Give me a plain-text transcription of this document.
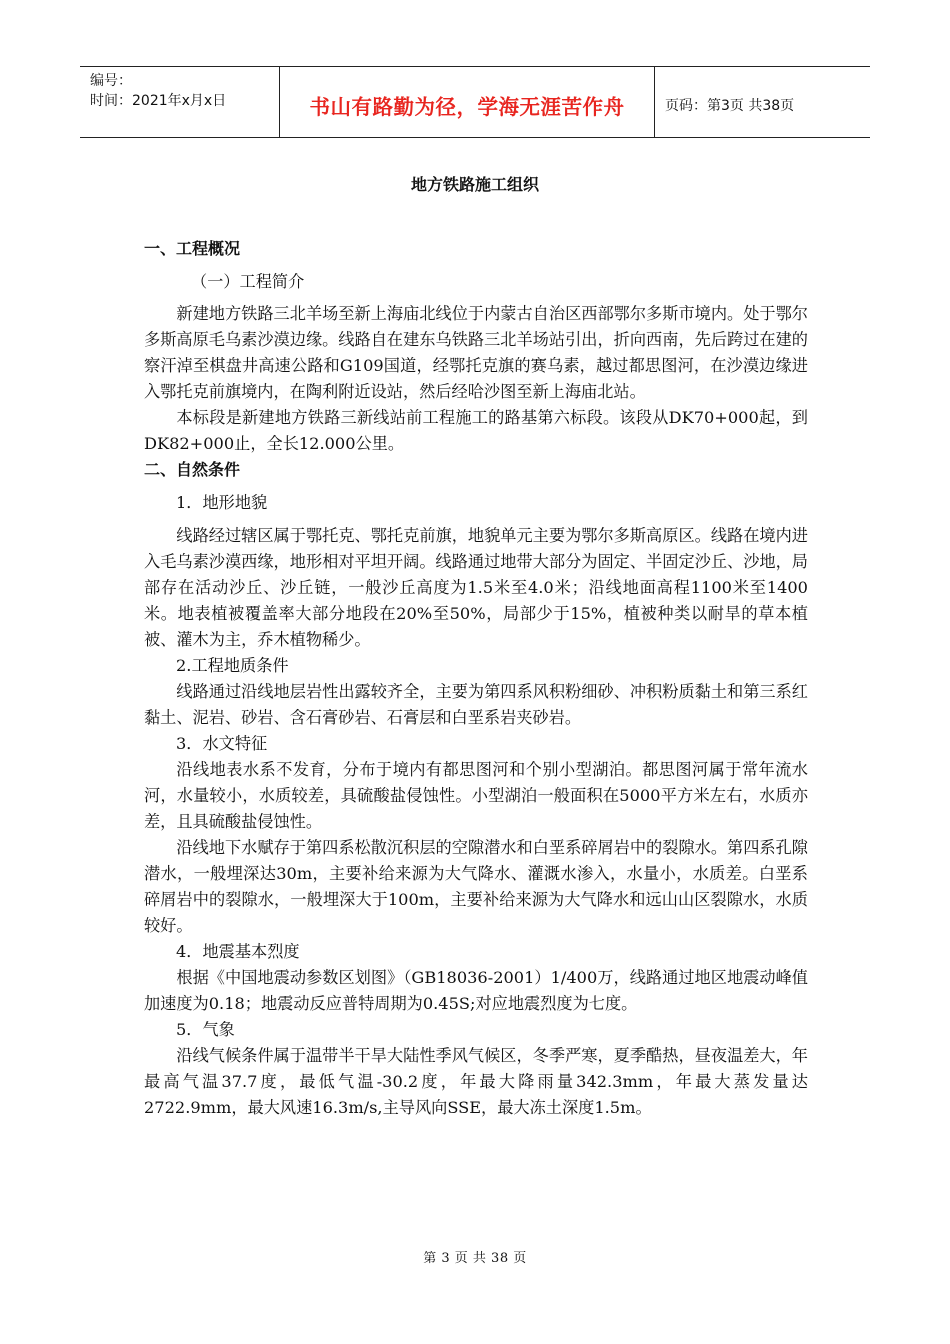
编号：
时间：2021年x月x日	书山有路勤为径，学海无涯苦作舟	页码：第3页 共38页
地方铁路施工组织
一、工程概况
（一）工程简介

新建地方铁路三北羊场至新上海庙北线位于内蒙古自治区西部鄂尔多斯市境内。处于鄂尔多斯高原毛乌素沙漠边缘。线路自在建东乌铁路三北羊场站引出，折向西南，先后跨过在建的察汗淖至棋盘井高速公路和G109国道，经鄂托克旗的赛乌素，越过都思图河，在沙漠边缘进入鄂托克前旗境内，在陶利附近设站，然后经哈沙图至新上海庙北站。

本标段是新建地方铁路三新线站前工程施工的路基第六标段。该段从DK70+000起，到DK82+000止，全长12.000公里。

二、自然条件
1．地形地貌

线路经过辖区属于鄂托克、鄂托克前旗，地貌单元主要为鄂尔多斯高原区。线路在境内进入毛乌素沙漠西缘，地形相对平坦开阔。线路通过地带大部分为固定、半固定沙丘、沙地，局部存在活动沙丘、沙丘链，一般沙丘高度为1.5米至4.0米；沿线地面高程1100米至1400米。地表植被覆盖率大部分地段在20%至50%，局部少于15%，植被种类以耐旱的草本植被、灌木为主，乔木植物稀少。

2.工程地质条件

线路通过沿线地层岩性出露较齐全，主要为第四系风积粉细砂、冲积粉质黏土和第三系红黏土、泥岩、砂岩、含石膏砂岩、石膏层和白垩系岩夹砂岩。

3．水文特征

沿线地表水系不发育，分布于境内有都思图河和个别小型湖泊。都思图河属于常年流水河，水量较小，水质较差，具硫酸盐侵蚀性。小型湖泊一般面积在5000平方米左右，水质亦差，且具硫酸盐侵蚀性。

沿线地下水赋存于第四系松散沉积层的空隙潜水和白垩系碎屑岩中的裂隙水。第四系孔隙潜水，一般埋深达30m，主要补给来源为大气降水、灌溉水渗入，水量小，水质差。白垩系碎屑岩中的裂隙水，一般埋深大于100m，主要补给来源为大气降水和远山山区裂隙水，水质较好。

4．地震基本烈度

根据《中国地震动参数区划图》（GB18036-2001）1/400万，线路通过地区地震动峰值加速度为0.18；地震动反应普特周期为0.45S;对应地震烈度为七度。

5．气象

沿线气候条件属于温带半干旱大陆性季风气候区，冬季严寒，夏季酷热，昼夜温差大，年最高气温37.7度，最低气温-30.2度，年最大降雨量342.3mm，年最大蒸发量达2722.9mm，最大风速16.3m/s,主导风向SSE，最大冻土深度1.5m。

第 3 页 共 38 页
